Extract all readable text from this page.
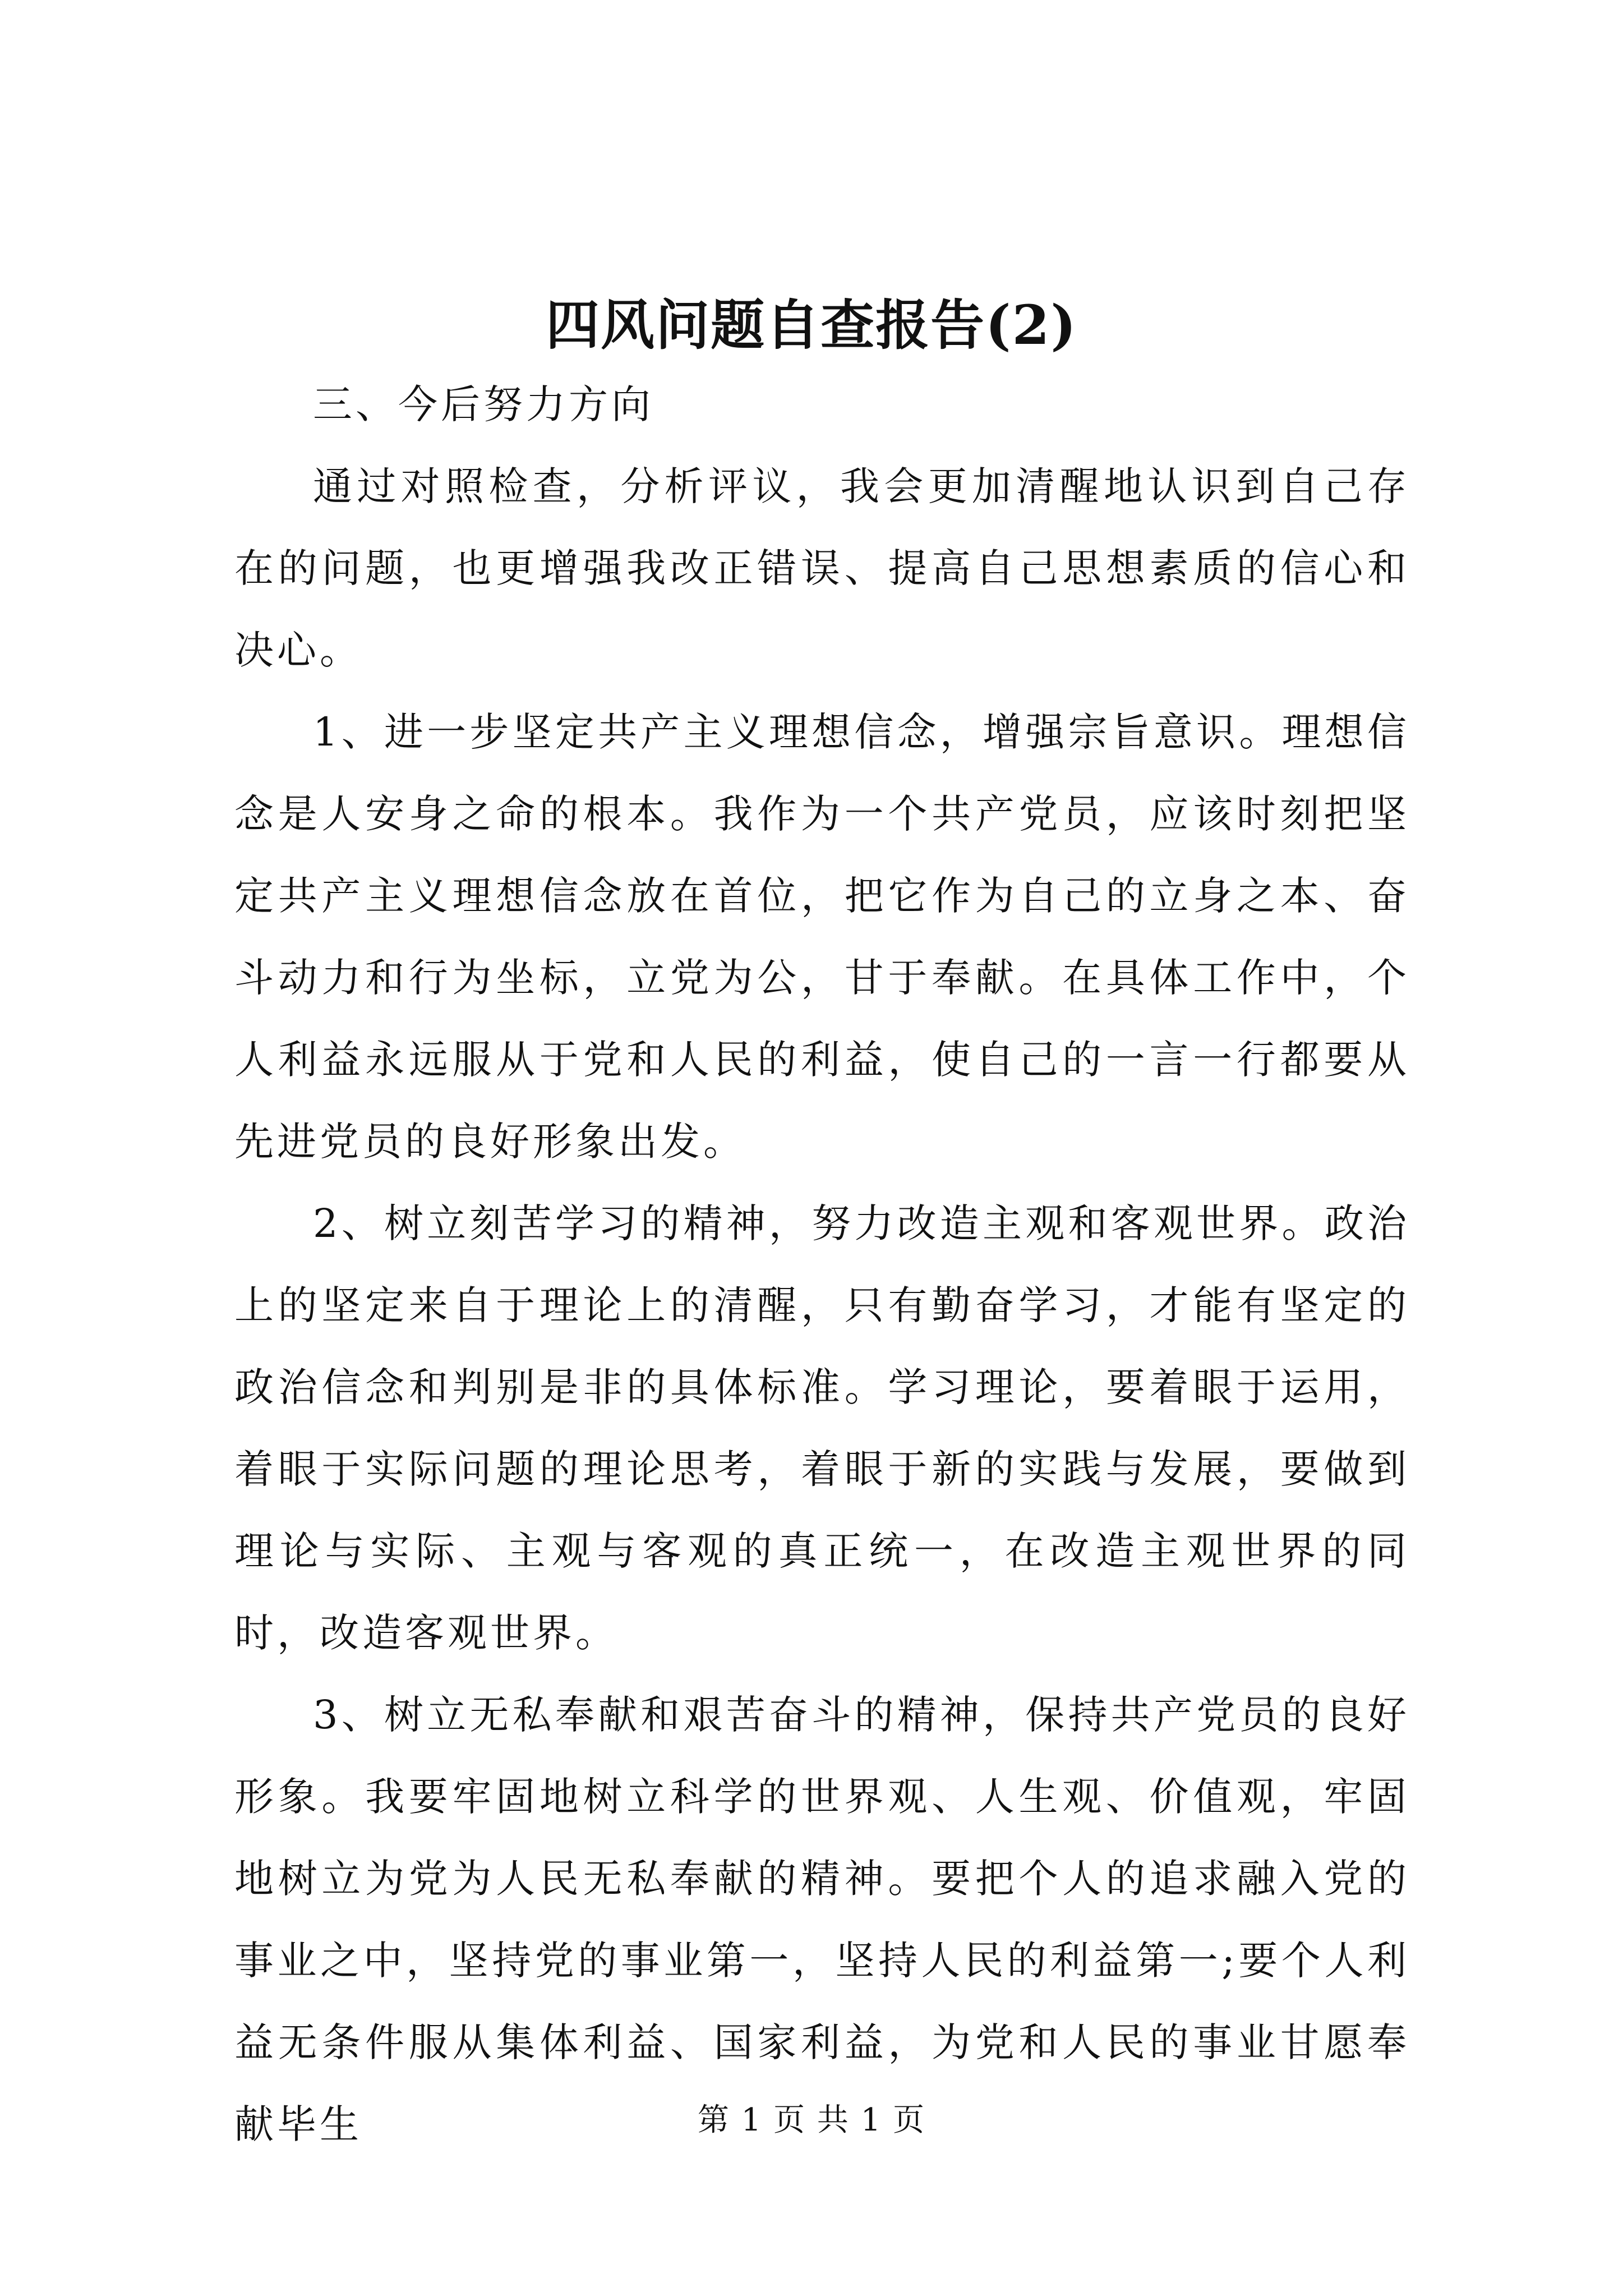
四风问题自查报告(2)

三、今后努力方向

通过对照检查，分析评议，我会更加清醒地认识到自己存在的问题，也更增强我改正错误、提高自己思想素质的信心和决心。

1、进一步坚定共产主义理想信念，增强宗旨意识。理想信念是人安身之命的根本。我作为一个共产党员，应该时刻把坚定共产主义理想信念放在首位，把它作为自己的立身之本、奋斗动力和行为坐标，立党为公，甘于奉献。在具体工作中，个人利益永远服从于党和人民的利益，使自己的一言一行都要从先进党员的良好形象出发。

2、树立刻苦学习的精神，努力改造主观和客观世界。政治上的坚定来自于理论上的清醒，只有勤奋学习，才能有坚定的政治信念和判别是非的具体标准。学习理论，要着眼于运用，着眼于实际问题的理论思考，着眼于新的实践与发展，要做到理论与实际、主观与客观的真正统一，在改造主观世界的同时，改造客观世界。

3、树立无私奉献和艰苦奋斗的精神，保持共产党员的良好形象。我要牢固地树立科学的世界观、人生观、价值观，牢固地树立为党为人民无私奉献的精神。要把个人的追求融入党的事业之中，坚持党的事业第一，坚持人民的利益第一;要个人利益无条件服从集体利益、国家利益，为党和人民的事业甘愿奉献毕生	第 1 页 共 1 页
